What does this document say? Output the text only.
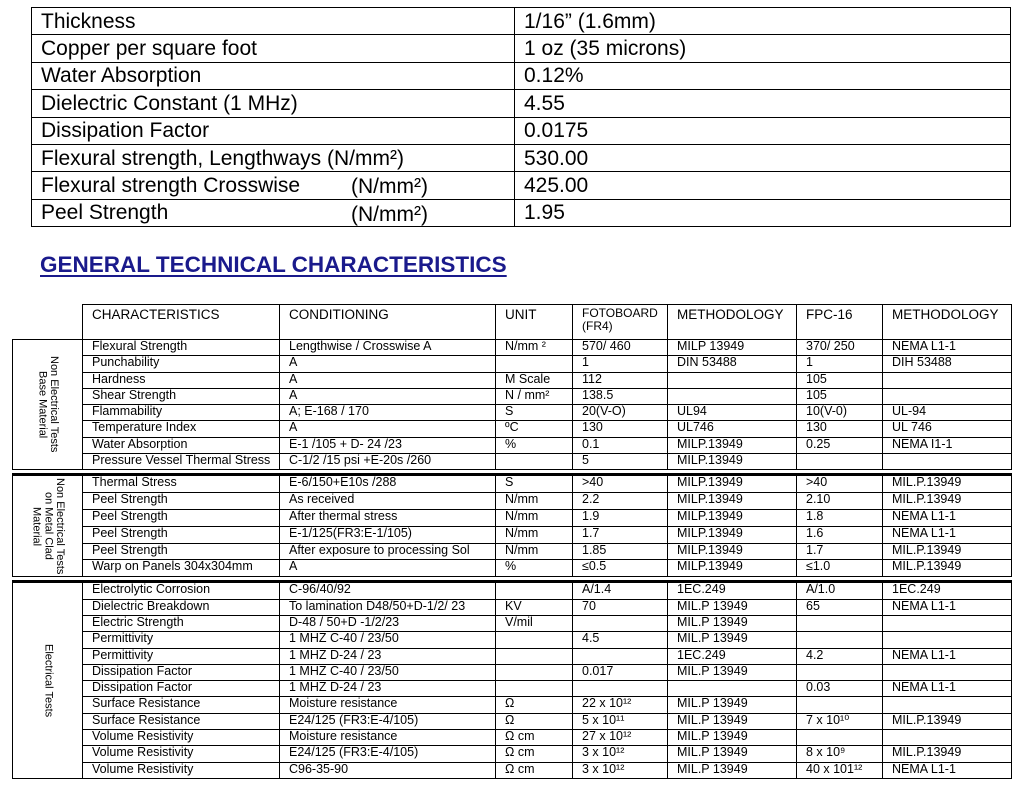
Thickness	1/16” (1.6mm)
Copper per square foot	1 oz (35 microns)
Water Absorption	0.12%
Dielectric Constant (1 MHz)	4.55
Dissipation Factor	0.0175
Flexural strength, Lengthways (N/mm²)	530.00
Flexural strength Crosswise (N/mm²)	425.00
Peel Strength (N/mm²)	1.95
GENERAL TECHNICAL CHARACTERISTICS
	CHARACTERISTICS	CONDITIONING	UNIT	FOTOBOARD (FR4)	METHODOLOGY	FPC-16	METHODOLOGY

Non Electrical Tests Base Material	Flexural Strength	Lengthwise / Crosswise A	N/mm ²	570/ 460	MILP 13949	370/ 250	NEMA L1-1
	Punchability	A		1	DIN 53488	1	DIH 53488
	Hardness	A	M Scale	112		105	
	Shear Strength	A	N / mm²	138.5		105	
	Flammability	A; E-168 / 170	S	20(V-O)	UL94	10(V-0)	UL-94
	Temperature Index	A	ºC	130	UL746	130	UL 746
	Water Absorption	E-1 /105 + D- 24 /23	%	0.1	MILP.13949	0.25	NEMA I1-1
	Pressure Vessel Thermal Stress	C-1/2 /15 psi +E-20s /260		5	MILP.13949		

Non Electrical Tests on Metal Clad Material	Thermal Stress	E-6/150+E10s /288	S	>40	MILP.13949	>40	MIL.P.13949
	Peel Strength	As received	N/mm	2.2	MILP.13949	2.10	MIL.P.13949
	Peel Strength	After thermal stress	N/mm	1.9	MILP.13949	1.8	NEMA L1-1
	Peel Strength	E-1/125(FR3:E-1/105)	N/mm	1.7	MILP.13949	1.6	NEMA L1-1
	Peel Strength	After exposure to processing Sol	N/mm	1.85	MILP.13949	1.7	MIL.P.13949
	Warp on Panels 304x304mm	A	%	≤0.5	MILP.13949	≤1.0	MIL.P.13949

Electrical Tests	Electrolytic Corrosion	C-96/40/92		A/1.4	1EC.249	A/1.0	1EC.249
	Dielectric Breakdown	To lamination D48/50+D-1/2/ 23	KV	70	MIL.P 13949	65	NEMA L1-1
	Electric Strength	D-48 / 50+D -1/2/23	V/mil		MIL.P 13949		
	Permittivity	1 MHZ C-40 / 23/50		4.5	MIL.P 13949		
	Permittivity	1 MHZ D-24 / 23			1EC.249	4.2	NEMA L1-1
	Dissipation Factor	1 MHZ C-40 / 23/50		0.017	MIL.P 13949		
	Dissipation Factor	1 MHZ D-24 / 23				0.03	NEMA L1-1
	Surface Resistance	Moisture resistance	Ω	22 x 10¹²	MIL.P 13949		
	Surface Resistance	E24/125 (FR3:E-4/105)	Ω	5 x 10¹¹	MIL.P 13949	7 x 10¹⁰	MIL.P.13949
	Volume Resistivity	Moisture resistance	Ω cm	27 x 10¹²	MIL.P 13949		
	Volume Resistivity	E24/125 (FR3:E-4/105)	Ω cm	3 x 10¹²	MIL.P 13949	8 x 10⁹	MIL.P.13949
	Volume Resistivity	C96-35-90	Ω cm	3 x 10¹²	MIL.P 13949	40 x 101¹²	NEMA L1-1
